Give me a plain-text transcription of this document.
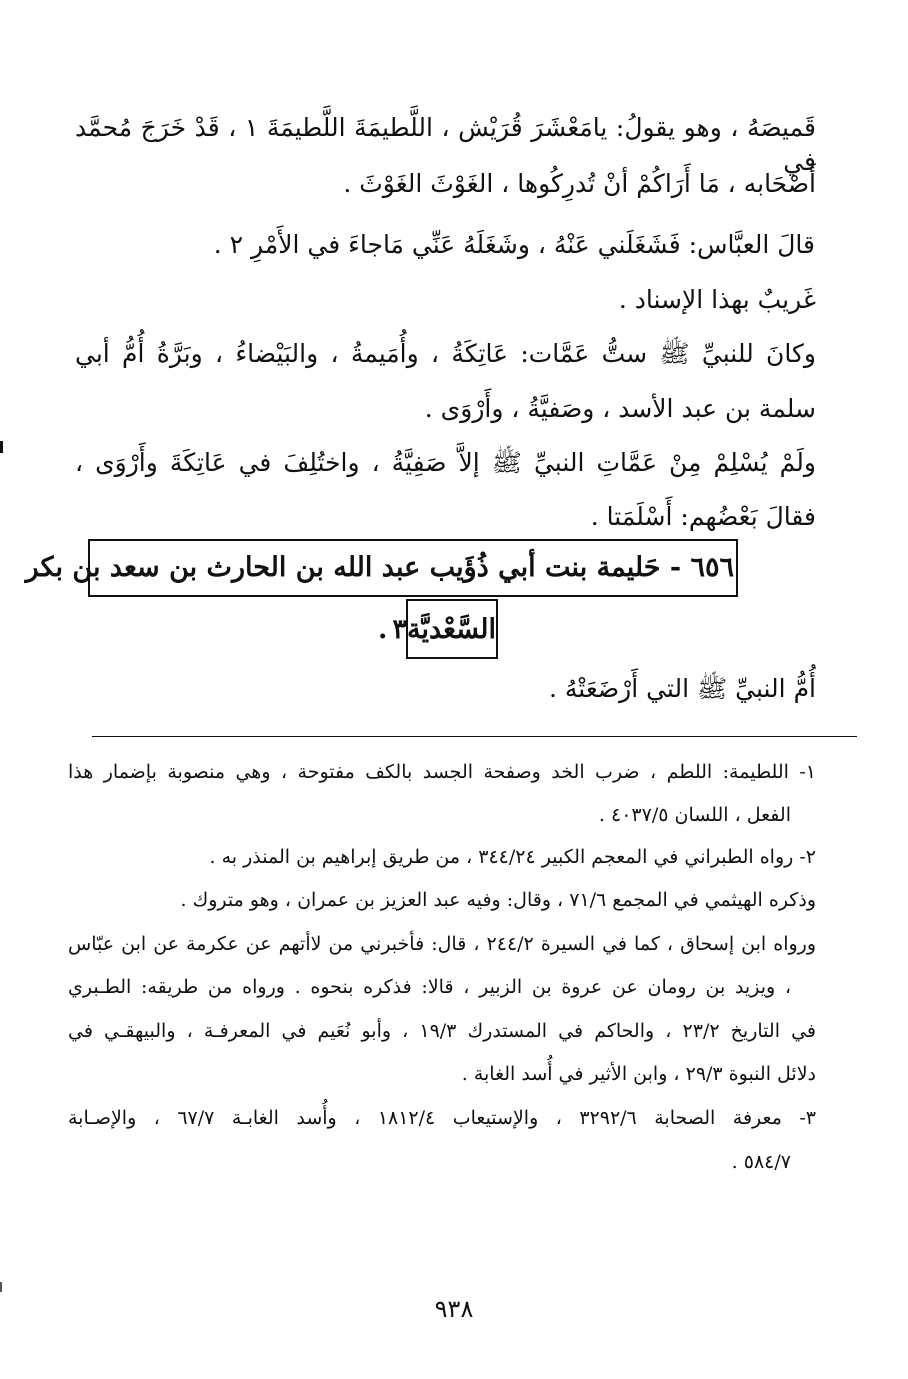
قَميصَهُ ، وهو يقولُ: يامَعْشَرَ قُرَيْش ، اللَّطيمَةَ اللَّطيمَةَ ١ ، قَدْ خَرَجَ مُحمَّد في
أَصْحَابه ، مَا أَرَاكُمْ أنْ تُدرِكُوها ، الغَوْثَ الغَوْثَ .
قالَ العبَّاس: فَشَغَلَني عَنْهُ ، وشَغَلَهُ عَنِّي مَاجاءَ في الأَمْرِ ٢ .
غَريبٌ بهذا الإسناد .
وكانَ للنبيِّ ﷺ ستُّ عَمَّات: عَاتِكَةُ ، وأُمَيمةُ ، والبَيْضاءُ ، وبَرَّةُ أُمُّ أبي
سلمة بن عبد الأسد ، وصَفيَّةُ ، وأَرْوَى .
ولَمْ يُسْلِمْ مِنْ عَمَّاتِ النبيِّ ﷺ إلاَّ صَفِيَّةُ ، واختُلِفَ في عَاتِكَةَ وأَرْوَى ،
فقالَ بَعْضُهم: أَسْلَمَتا .
٦٥٦ - حَليمة بنت أبي ذُؤَيب عبد الله بن الحارث بن سعد بن بكر
السَّعْديَّة٣
.
أُمُّ النبيِّ ﷺ التي أَرْضَعَتْهُ .
١- اللطيمة: اللطم ، ضرب الخد وصفحة الجسد بالكف مفتوحة ، وهي منصوبة بإضمار هذا
الفعل ، اللسان ٤٠٣٧/٥ .
٢- رواه الطبراني في المعجم الكبير ٣٤٤/٢٤ ، من طريق إبراهيم بن المنذر به .
وذكره الهيثمي في المجمع ٧١/٦ ، وقال: وفيه عبد العزيز بن عمران ، وهو متروك .
ورواه ابن إسحاق ، كما في السيرة ٢٤٤/٢ ، قال: فأخبرني من لاأتهم عن عكرمة عن ابن عبّاس
، ويزيد بن رومان عن عروة بن الزبير ، قالا: فذكره بنحوه . ورواه من طريقه: الطـبري
في التاريخ ٢٣/٢ ، والحاكم في المستدرك ١٩/٣ ، وأبو نُعَيم في المعرفـة ، والبيهقـي في
دلائل النبوة ٢٩/٣ ، وابن الأثير في أُسد الغابة .
٣- معرفة الصحابة ٣٢٩٢/٦ ، والإستيعاب ١٨١٢/٤ ، وأُسد الغابـة ٦٧/٧ ، والإصـابة
٥٨٤/٧ .
٩٣٨
